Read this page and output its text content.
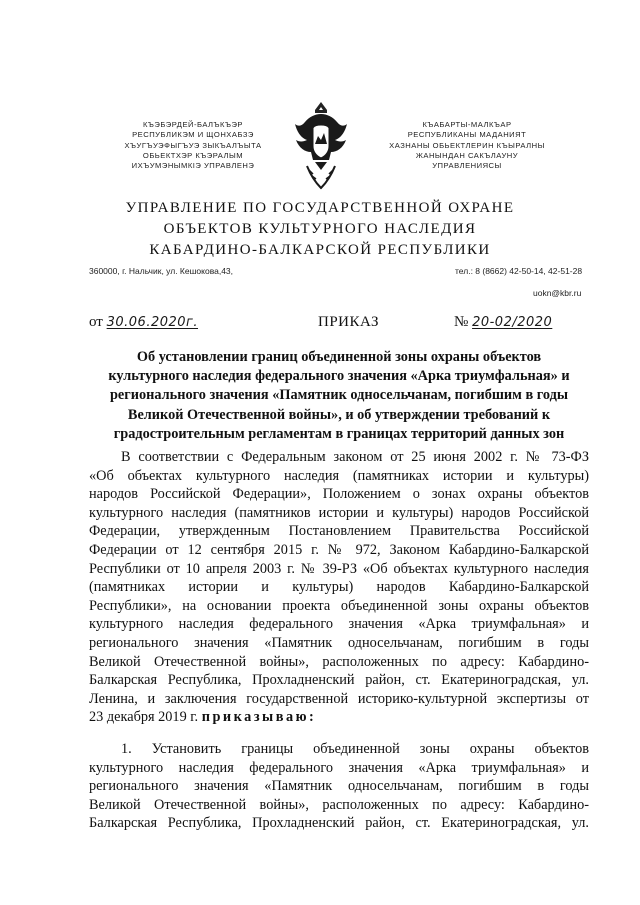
КЪЭБЭРДЕЙ-БАЛЪКЪЭР
РЕСПУБЛИКЭМ И ЩОНХАБЗЭ
ХЪУГЪУЭФЫГЪУЭ ЗЫКЪАЛЪЫТА
ОБЬЕКТХЭР КЪЭРАЛЫМ
ИХЪУМЭНЫМКIЭ УПРАВЛЕНЭ
КЪАБАРТЫ-МАЛКЪАР
РЕСПУБЛИКАНЫ МАДАНИЯТ
ХАЗНАНЫ ОБЬЕКТЛЕРИН КЪЫРАЛНЫ
ЖАНЫНДАН САКЪЛАУНУ
УПРАВЛЕНИЯСЫ
УПРАВЛЕНИЕ ПО ГОСУДАРСТВЕННОЙ ОХРАНЕ
ОБЪЕКТОВ КУЛЬТУРНОГО НАСЛЕДИЯ
КАБАРДИНО-БАЛКАРСКОЙ РЕСПУБЛИКИ
360000, г. Нальчик, ул. Кешокова,43,	тел.: 8 (8662) 42-50-14, 42-51-28
uokn@kbr.ru
от 30.06.2020г.	ПРИКАЗ	№ 20-02/2020
Об установлении границ объединенной зоны охраны объектов
культурного наследия федерального значения «Арка триумфальная» и
регионального значения «Памятник односельчанам, погибшим в годы
Великой Отечественной войны», и об утверждении требований к
градостроительным регламентам в границах территорий данных зон
В соответствии с Федеральным законом от 25 июня 2002 г. № 73-ФЗ
«Об объектах культурного наследия (памятниках истории и культуры)
народов Российской Федерации», Положением о зонах охраны объектов
культурного наследия (памятников истории и культуры) народов Российской
Федерации, утвержденным Постановлением Правительства Российской
Федерации от 12 сентября 2015 г. № 972, Законом Кабардино-Балкарской
Республики от 10 апреля 2003 г. № 39-РЗ «Об объектах культурного наследия
(памятниках истории и культуры) народов Кабардино-Балкарской
Республики», на основании проекта объединенной зоны охраны объектов
культурного наследия федерального значения «Арка триумфальная» и
регионального значения «Памятник односельчанам, погибшим в годы
Великой Отечественной войны», расположенных по адресу: Кабардино-
Балкарская Республика, Прохладненский район, ст. Екатериноградская, ул.
Ленина, и заключения государственной историко-культурной экспертизы от
23 декабря 2019 г. приказываю:
1. Установить границы объединенной зоны охраны объектов
культурного наследия федерального значения «Арка триумфальная» и
регионального значения «Памятник односельчанам, погибшим в годы
Великой Отечественной войны», расположенных по адресу: Кабардино-
Балкарская Республика, Прохладненский район, ст. Екатериноградская, ул.
